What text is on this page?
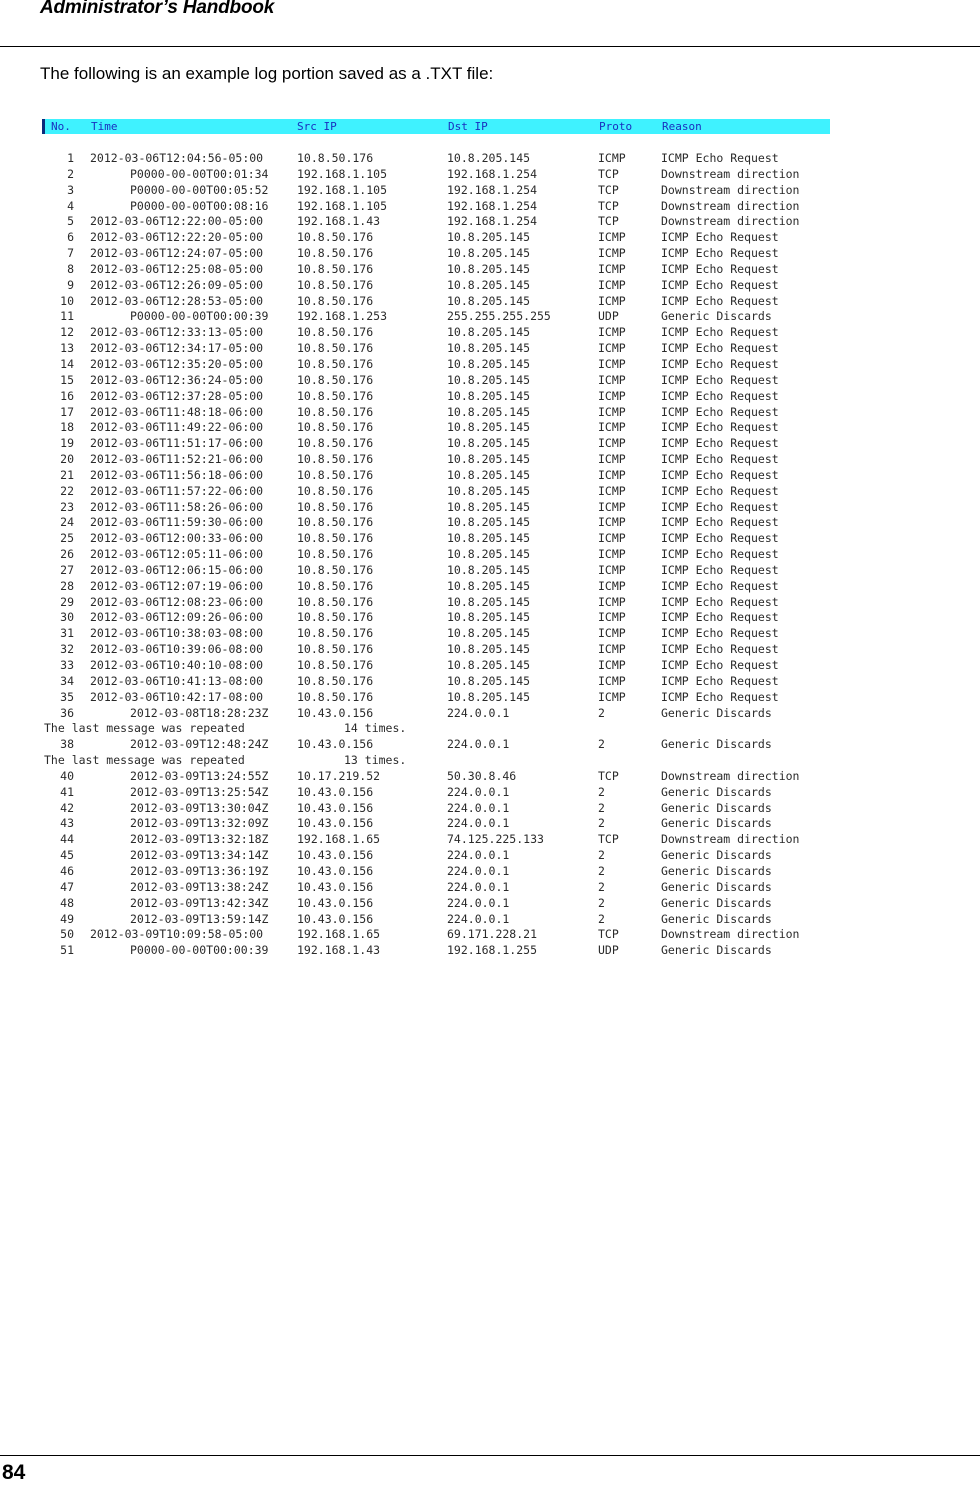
Administrator’s Handbook
The following is an example log portion saved as a .TXT file:
No. Time	Src IP	Dst IP	Proto	Reason
1 2012-03-06T12:04:56-05:00	10.8.50.176	10.8.205.145	ICMP	ICMP Echo Request
2	P0000-00-00T00:01:34 192.168.1.105	192.168.1.254	TCP	Downstream direction
3	P0000-00-00T00:05:52 192.168.1.105	192.168.1.254	TCP	Downstream direction
4	P0000-00-00T00:08:16 192.168.1.105	192.168.1.254	TCP	Downstream direction
5 2012-03-06T12:22:00-05:00	192.168.1.43	192.168.1.254	TCP	Downstream direction
6 2012-03-06T12:22:20-05:00	10.8.50.176	10.8.205.145	ICMP	ICMP Echo Request
7 2012-03-06T12:24:07-05:00	10.8.50.176	10.8.205.145	ICMP	ICMP Echo Request
8 2012-03-06T12:25:08-05:00	10.8.50.176	10.8.205.145	ICMP	ICMP Echo Request
9 2012-03-06T12:26:09-05:00	10.8.50.176	10.8.205.145	ICMP	ICMP Echo Request
10 2012-03-06T12:28:53-05:00	10.8.50.176	10.8.205.145	ICMP	ICMP Echo Request
11	P0000-00-00T00:00:39 192.168.1.253	255.255.255.255	UDP	Generic Discards
12 2012-03-06T12:33:13-05:00	10.8.50.176	10.8.205.145	ICMP	ICMP Echo Request
13 2012-03-06T12:34:17-05:00	10.8.50.176	10.8.205.145	ICMP	ICMP Echo Request
14 2012-03-06T12:35:20-05:00	10.8.50.176	10.8.205.145	ICMP	ICMP Echo Request
15 2012-03-06T12:36:24-05:00	10.8.50.176	10.8.205.145	ICMP	ICMP Echo Request
16 2012-03-06T12:37:28-05:00	10.8.50.176	10.8.205.145	ICMP	ICMP Echo Request
17 2012-03-06T11:48:18-06:00	10.8.50.176	10.8.205.145	ICMP	ICMP Echo Request
18 2012-03-06T11:49:22-06:00	10.8.50.176	10.8.205.145	ICMP	ICMP Echo Request
19 2012-03-06T11:51:17-06:00	10.8.50.176	10.8.205.145	ICMP	ICMP Echo Request
20 2012-03-06T11:52:21-06:00	10.8.50.176	10.8.205.145	ICMP	ICMP Echo Request
21 2012-03-06T11:56:18-06:00	10.8.50.176	10.8.205.145	ICMP	ICMP Echo Request
22 2012-03-06T11:57:22-06:00	10.8.50.176	10.8.205.145	ICMP	ICMP Echo Request
23 2012-03-06T11:58:26-06:00	10.8.50.176	10.8.205.145	ICMP	ICMP Echo Request
24 2012-03-06T11:59:30-06:00	10.8.50.176	10.8.205.145	ICMP	ICMP Echo Request
25 2012-03-06T12:00:33-06:00	10.8.50.176	10.8.205.145	ICMP	ICMP Echo Request
26 2012-03-06T12:05:11-06:00	10.8.50.176	10.8.205.145	ICMP	ICMP Echo Request
27 2012-03-06T12:06:15-06:00	10.8.50.176	10.8.205.145	ICMP	ICMP Echo Request
28 2012-03-06T12:07:19-06:00	10.8.50.176	10.8.205.145	ICMP	ICMP Echo Request
29 2012-03-06T12:08:23-06:00	10.8.50.176	10.8.205.145	ICMP	ICMP Echo Request
30 2012-03-06T12:09:26-06:00	10.8.50.176	10.8.205.145	ICMP	ICMP Echo Request
31 2012-03-06T10:38:03-08:00	10.8.50.176	10.8.205.145	ICMP	ICMP Echo Request
32 2012-03-06T10:39:06-08:00	10.8.50.176	10.8.205.145	ICMP	ICMP Echo Request
33 2012-03-06T10:40:10-08:00	10.8.50.176	10.8.205.145	ICMP	ICMP Echo Request
34 2012-03-06T10:41:13-08:00	10.8.50.176	10.8.205.145	ICMP	ICMP Echo Request
35 2012-03-06T10:42:17-08:00	10.8.50.176	10.8.205.145	ICMP	ICMP Echo Request
36	2012-03-08T18:28:23Z 10.43.0.156	224.0.0.1	2	Generic Discards
The last message was repeated	14 times.
38	2012-03-09T12:48:24Z 10.43.0.156	224.0.0.1	2	Generic Discards
The last message was repeated	13 times.
40	2012-03-09T13:24:55Z 10.17.219.52	50.30.8.46	TCP	Downstream direction
41	2012-03-09T13:25:54Z 10.43.0.156	224.0.0.1	2	Generic Discards
42	2012-03-09T13:30:04Z 10.43.0.156	224.0.0.1	2	Generic Discards
43	2012-03-09T13:32:09Z 10.43.0.156	224.0.0.1	2	Generic Discards
44	2012-03-09T13:32:18Z 192.168.1.65	74.125.225.133	TCP	Downstream direction
45	2012-03-09T13:34:14Z 10.43.0.156	224.0.0.1	2	Generic Discards
46	2012-03-09T13:36:19Z 10.43.0.156	224.0.0.1	2	Generic Discards
47	2012-03-09T13:38:24Z 10.43.0.156	224.0.0.1	2	Generic Discards
48	2012-03-09T13:42:34Z 10.43.0.156	224.0.0.1	2	Generic Discards
49	2012-03-09T13:59:14Z 10.43.0.156	224.0.0.1	2	Generic Discards
50 2012-03-09T10:09:58-05:00	192.168.1.65	69.171.228.21	TCP	Downstream direction
51	P0000-00-00T00:00:39 192.168.1.43	192.168.1.255	UDP	Generic Discards
84
